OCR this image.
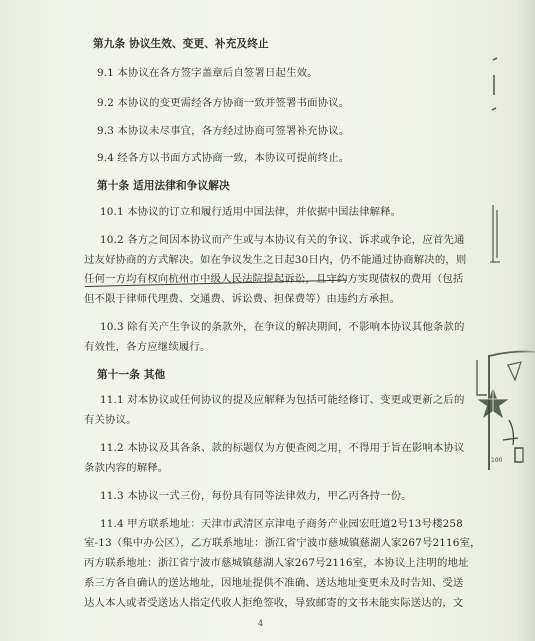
第九条 协议生效、变更、补充及终止
9.1 本协议在各方签字盖章后自签署日起生效。
9.2 本协议的变更需经各方协商一致并签署书面协议。
9.3 本协议未尽事宜，各方经过协商可签署补充协议。
9.4 经各方以书面方式协商一致，本协议可提前终止。
第十条 适用法律和争议解决
10.1 本协议的订立和履行适用中国法律，并依据中国法律解释。
10.2 各方之间因本协议而产生或与本协议有关的争议、诉求或争论，应首先通
过友好协商的方式解决。如在争议发生之日起30日内，仍不能通过协商解决的，则
任何一方均有权向杭州市中级人民法院提起诉讼，且守约方实现债权的费用（包括
但不限于律师代理费、交通费、诉讼费、担保费等）由违约方承担。
10.3 除有关产生争议的条款外，在争议的解决期间，不影响本协议其他条款的
有效性，各方应继续履行。
第十一条 其他
11.1 对本协议或任何协议的提及应解释为包括可能经修订、变更或更新之后的
有关协议。
11.2 本协议及其各条、款的标题仅为方便查阅之用，不得用于旨在影响本协议
条款内容的解释。
11.3 本协议一式三份，每份具有同等法律效力，甲乙丙各持一份。
11.4 甲方联系地址：天津市武清区京津电子商务产业园宏旺道2号13号楼258
室-13（集中办公区），乙方联系地址：浙江省宁波市慈城镇慈湖人家267号2116室，
丙方联系地址：浙江省宁波市慈城镇慈湖人家267号2116室，本协议上注明的地址
系三方各自确认的送达地址，因地址提供不准确、送达地址变更未及时告知、受送
达人本人或者受送达人指定代收人拒绝签收，导致邮寄的文书未能实际送达的，文
4
100
